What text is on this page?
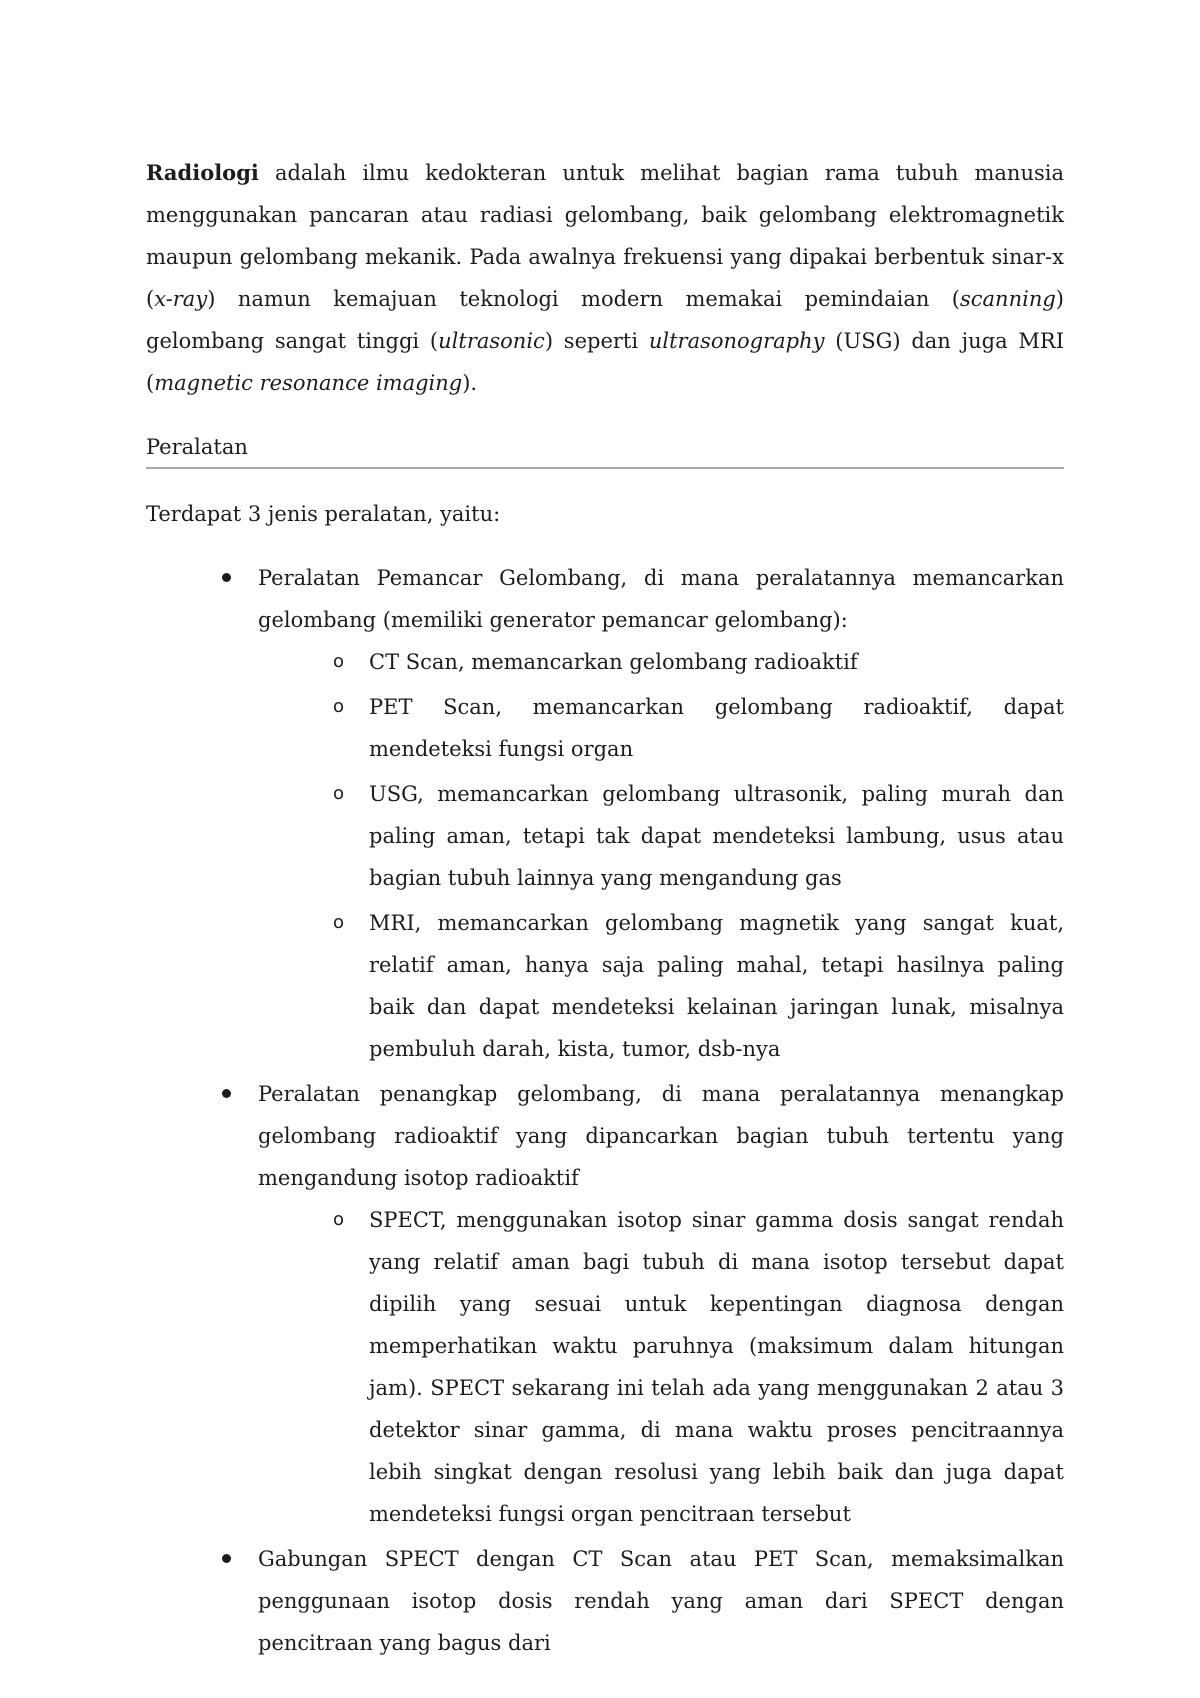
Radiologi adalah ilmu kedokteran untuk melihat bagian rama tubuh manusia menggunakan pancaran atau radiasi gelombang, baik gelombang elektromagnetik maupun gelombang mekanik. Pada awalnya frekuensi yang dipakai berbentuk sinar-x (x-ray) namun kemajuan teknologi modern memakai pemindaian (scanning) gelombang sangat tinggi (ultrasonic) seperti ultrasonography (USG) dan juga MRI (magnetic resonance imaging).

Peralatan

Terdapat 3 jenis peralatan, yaitu:

Peralatan Pemancar Gelombang, di mana peralatannya memancarkan gelombang (memiliki generator pemancar gelombang):
o CT Scan, memancarkan gelombang radioaktif
o PET Scan, memancarkan gelombang radioaktif, dapat mendeteksi fungsi organ
o USG, memancarkan gelombang ultrasonik, paling murah dan paling aman, tetapi tak dapat mendeteksi lambung, usus atau bagian tubuh lainnya yang mengandung gas
o MRI, memancarkan gelombang magnetik yang sangat kuat, relatif aman, hanya saja paling mahal, tetapi hasilnya paling baik dan dapat mendeteksi kelainan jaringan lunak, misalnya pembuluh darah, kista, tumor, dsb-nya
Peralatan penangkap gelombang, di mana peralatannya menangkap gelombang radioaktif yang dipancarkan bagian tubuh tertentu yang mengandung isotop radioaktif
o SPECT, menggunakan isotop sinar gamma dosis sangat rendah yang relatif aman bagi tubuh di mana isotop tersebut dapat dipilih yang sesuai untuk kepentingan diagnosa dengan memperhatikan waktu paruhnya (maksimum dalam hitungan jam). SPECT sekarang ini telah ada yang menggunakan 2 atau 3 detektor sinar gamma, di mana waktu proses pencitraannya lebih singkat dengan resolusi yang lebih baik dan juga dapat mendeteksi fungsi organ pencitraan tersebut
Gabungan SPECT dengan CT Scan atau PET Scan, memaksimalkan penggunaan isotop dosis rendah yang aman dari SPECT dengan pencitraan yang bagus dari
